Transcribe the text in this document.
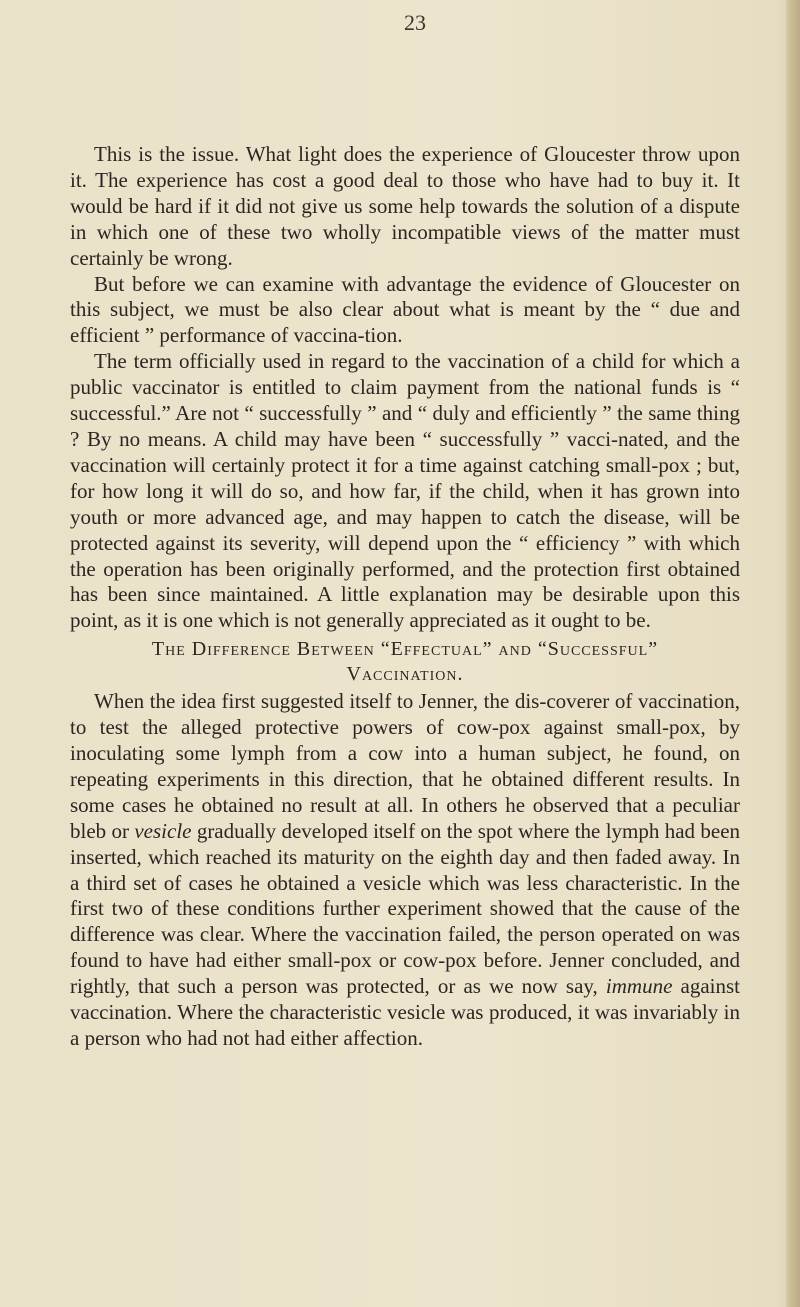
23

This is the issue. What light does the experience of Gloucester throw upon it. The experience has cost a good deal to those who have had to buy it. It would be hard if it did not give us some help towards the solution of a dispute in which one of these two wholly incompatible views of the matter must certainly be wrong.

But before we can examine with advantage the evidence of Gloucester on this subject, we must be also clear about what is meant by the “ due and efficient ” performance of vaccina-tion.

The term officially used in regard to the vaccination of a child for which a public vaccinator is entitled to claim payment from the national funds is “ successful.” Are not “ successfully ” and “ duly and efficiently ” the same thing ? By no means. A child may have been “ successfully ” vacci-nated, and the vaccination will certainly protect it for a time against catching small-pox ; but, for how long it will do so, and how far, if the child, when it has grown into youth or more advanced age, and may happen to catch the disease, will be protected against its severity, will depend upon the “ efficiency ” with which the operation has been originally performed, and the protection first obtained has been since maintained. A little explanation may be desirable upon this point, as it is one which is not generally appreciated as it ought to be.

The Difference Between “Effectual” and “Successful”
Vaccination.

When the idea first suggested itself to Jenner, the dis-coverer of vaccination, to test the alleged protective powers of cow-pox against small-pox, by inoculating some lymph from a cow into a human subject, he found, on repeating experiments in this direction, that he obtained different results. In some cases he obtained no result at all. In others he observed that a peculiar bleb or vesicle gradually developed itself on the spot where the lymph had been inserted, which reached its maturity on the eighth day and then faded away. In a third set of cases he obtained a vesicle which was less characteristic. In the first two of these conditions further experiment showed that the cause of the difference was clear. Where the vaccination failed, the person operated on was found to have had either small-pox or cow-pox before. Jenner concluded, and rightly, that such a person was protected, or as we now say, immune against vaccination. Where the characteristic vesicle was produced, it was invariably in a person who had not had either affection.
